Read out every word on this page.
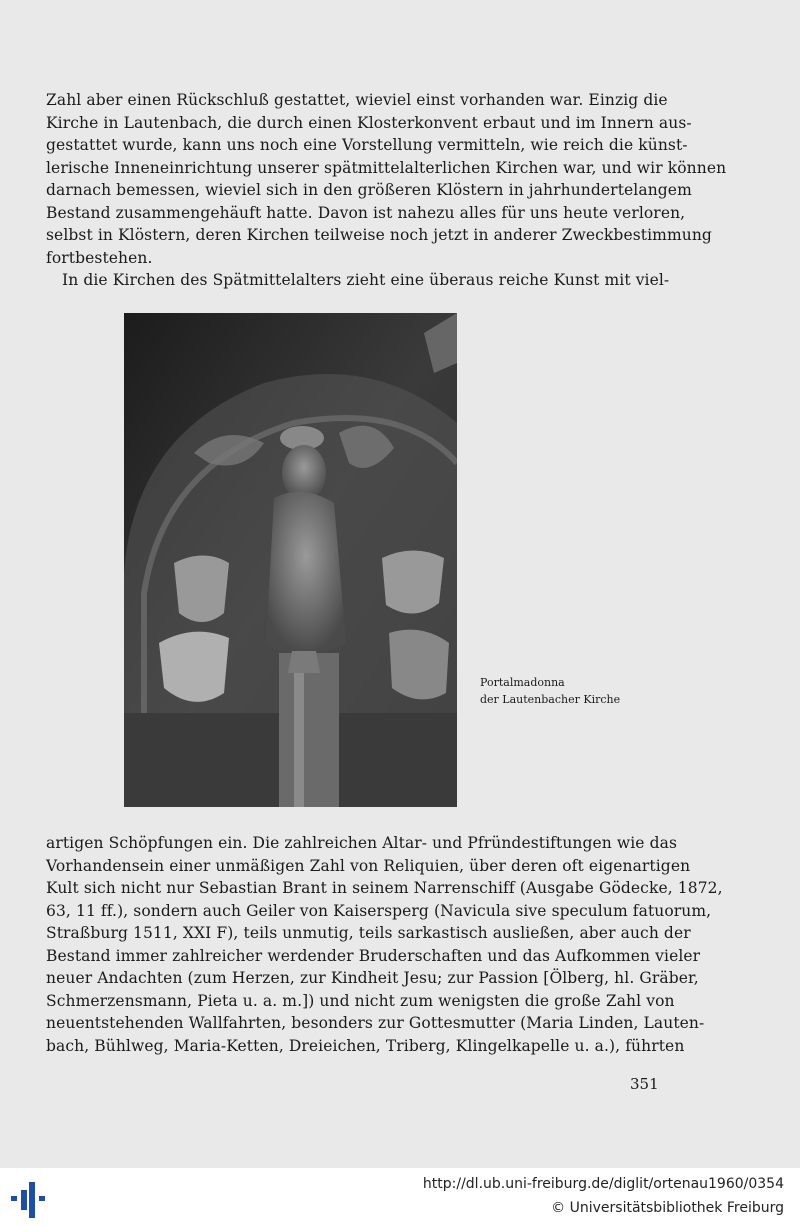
Zahl aber einen Rückschluß gestattet, wieviel einst vorhanden war. Einzig die
Kirche in Lautenbach, die durch einen Klosterkonvent erbaut und im Innern aus-
gestattet wurde, kann uns noch eine Vorstellung vermitteln, wie reich die künst-
lerische Inneneinrichtung unserer spätmittelalterlichen Kirchen war, und wir können
darnach bemessen, wieviel sich in den größeren Klöstern in jahrhundertelangem
Bestand zusammengehäuft hatte. Davon ist nahezu alles für uns heute verloren,
selbst in Klöstern, deren Kirchen teilweise noch jetzt in anderer Zweckbestimmung
fortbestehen.

In die Kirchen des Spätmittelalters zieht eine überaus reiche Kunst mit viel-

Portalmadonna
der Lautenbacher Kirche

artigen Schöpfungen ein. Die zahlreichen Altar- und Pfründestiftungen wie das
Vorhandensein einer unmäßigen Zahl von Reliquien, über deren oft eigenartigen
Kult sich nicht nur Sebastian Brant in seinem Narrenschiff (Ausgabe Gödecke, 1872,
63, 11 ff.), sondern auch Geiler von Kaisersperg (Navicula sive speculum fatuorum,
Straßburg 1511, XXI F), teils unmutig, teils sarkastisch ausließen, aber auch der
Bestand immer zahlreicher werdender Bruderschaften und das Aufkommen vieler
neuer Andachten (zum Herzen, zur Kindheit Jesu; zur Passion [Ölberg, hl. Gräber,
Schmerzensmann, Pieta u. a. m.]) und nicht zum wenigsten die große Zahl von
neuentstehenden Wallfahrten, besonders zur Gottesmutter (Maria Linden, Lauten-
bach, Bühlweg, Maria-Ketten, Dreieichen, Triberg, Klingelkapelle u. a.), führten

351
http://dl.ub.uni-freiburg.de/diglit/ortenau1960/0354
© Universitätsbibliothek Freiburg
